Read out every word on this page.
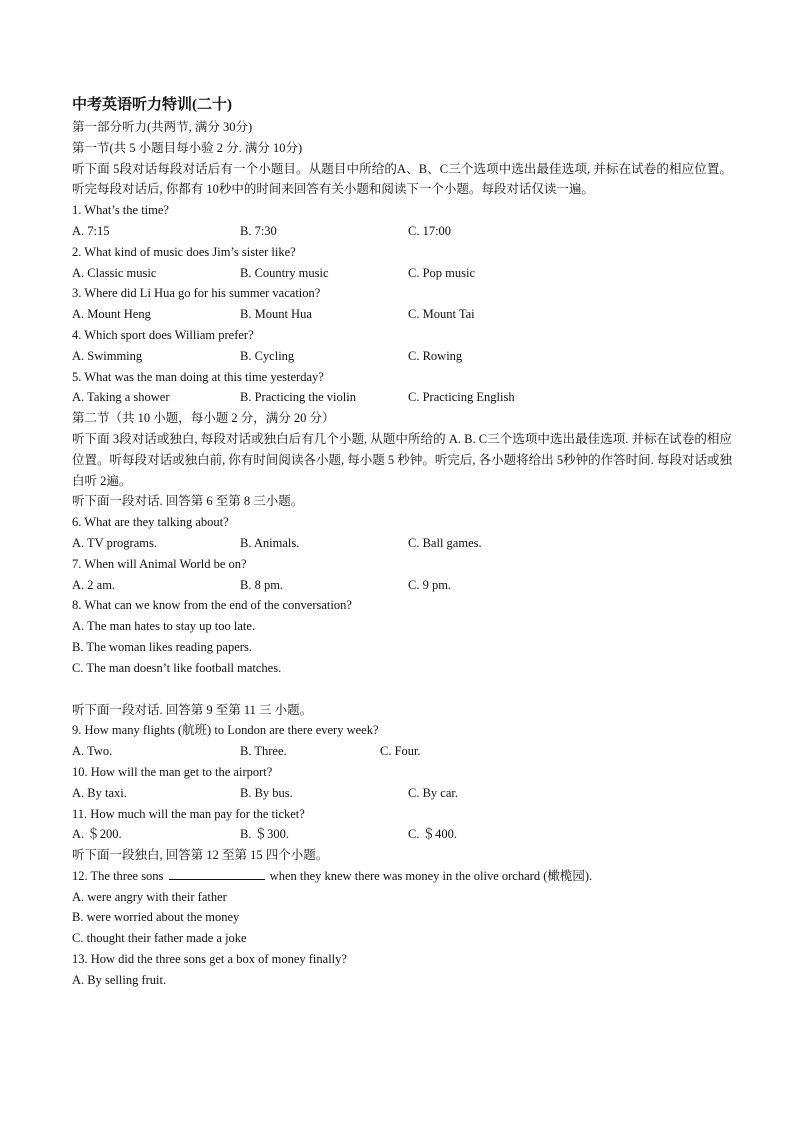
中考英语听力特训(二十)
第一部分听力(共两节, 满分 30分)
第一节(共 5 小题目每小验 2 分. 满分 10分)
听下面 5段对话每段对话后有一个小题目。从题目中所给的A、B、C三个选项中选出最佳选项, 并标在试卷的相应位置。听完每段对话后, 你都有 10秒中的时间来回答有关小题和阅读下一个小题。每段对话仅读一遍。
1. What’s the time?
A. 7:15	B. 7:30	C. 17:00
2. What kind of music does Jim’s sister like?
A. Classic music	B. Country music	C. Pop music
3. Where did Li Hua go for his summer vacation?
A. Mount Heng	B. Mount Hua	C. Mount Tai
4. Which sport does William prefer?
A. Swimming	B. Cycling	C. Rowing
5. What was the man doing at this time yesterday?
A. Taking a shower	B. Practicing the violin	C. Practicing English
第二节（共 10 小题，每小题 2 分，满分 20 分）
听下面 3段对话或独白, 每段对话或独白后有几个小题, 从题中所给的 A. B. C三个选项中选出最佳选项. 并标在试卷的相应位置。听每段对话或独白前, 你有时间阅读各小题, 每小题 5 秒钟。听完后, 各小题将给出 5秒钟的作答时间. 每段对话或独白听 2遍。
听下面一段对话. 回答第 6 至第 8 三小题。
6. What are they talking about?
A. TV programs.	B. Animals.	C. Ball games.
7. When will Animal World be on?
A. 2 am.	B. 8 pm.	C. 9 pm.
8. What can we know from the end of the conversation?
A. The man hates to stay up too late.
B. The woman likes reading papers.
C. The man doesn’t like football matches.
听下面一段对话. 回答第 9 至第 11 三 小题。
9. How many flights (航班) to London are there every week?
A. Two.	B. Three.	C. Four.
10. How will the man get to the airport?
A. By taxi.	B. By bus.	C. By car.
11. How much will the man pay for the ticket?
A. ＄200.	B. ＄300.	C. ＄400.
听下面一段独白, 回答第 12 至第 15 四个小题。
12. The three sons	when they knew there was money in the olive orchard (橄榄园).
A. were angry with their father
B. were worried about the money
C. thought their father made a joke
13. How did the three sons get a box of money finally?
A. By selling fruit.
